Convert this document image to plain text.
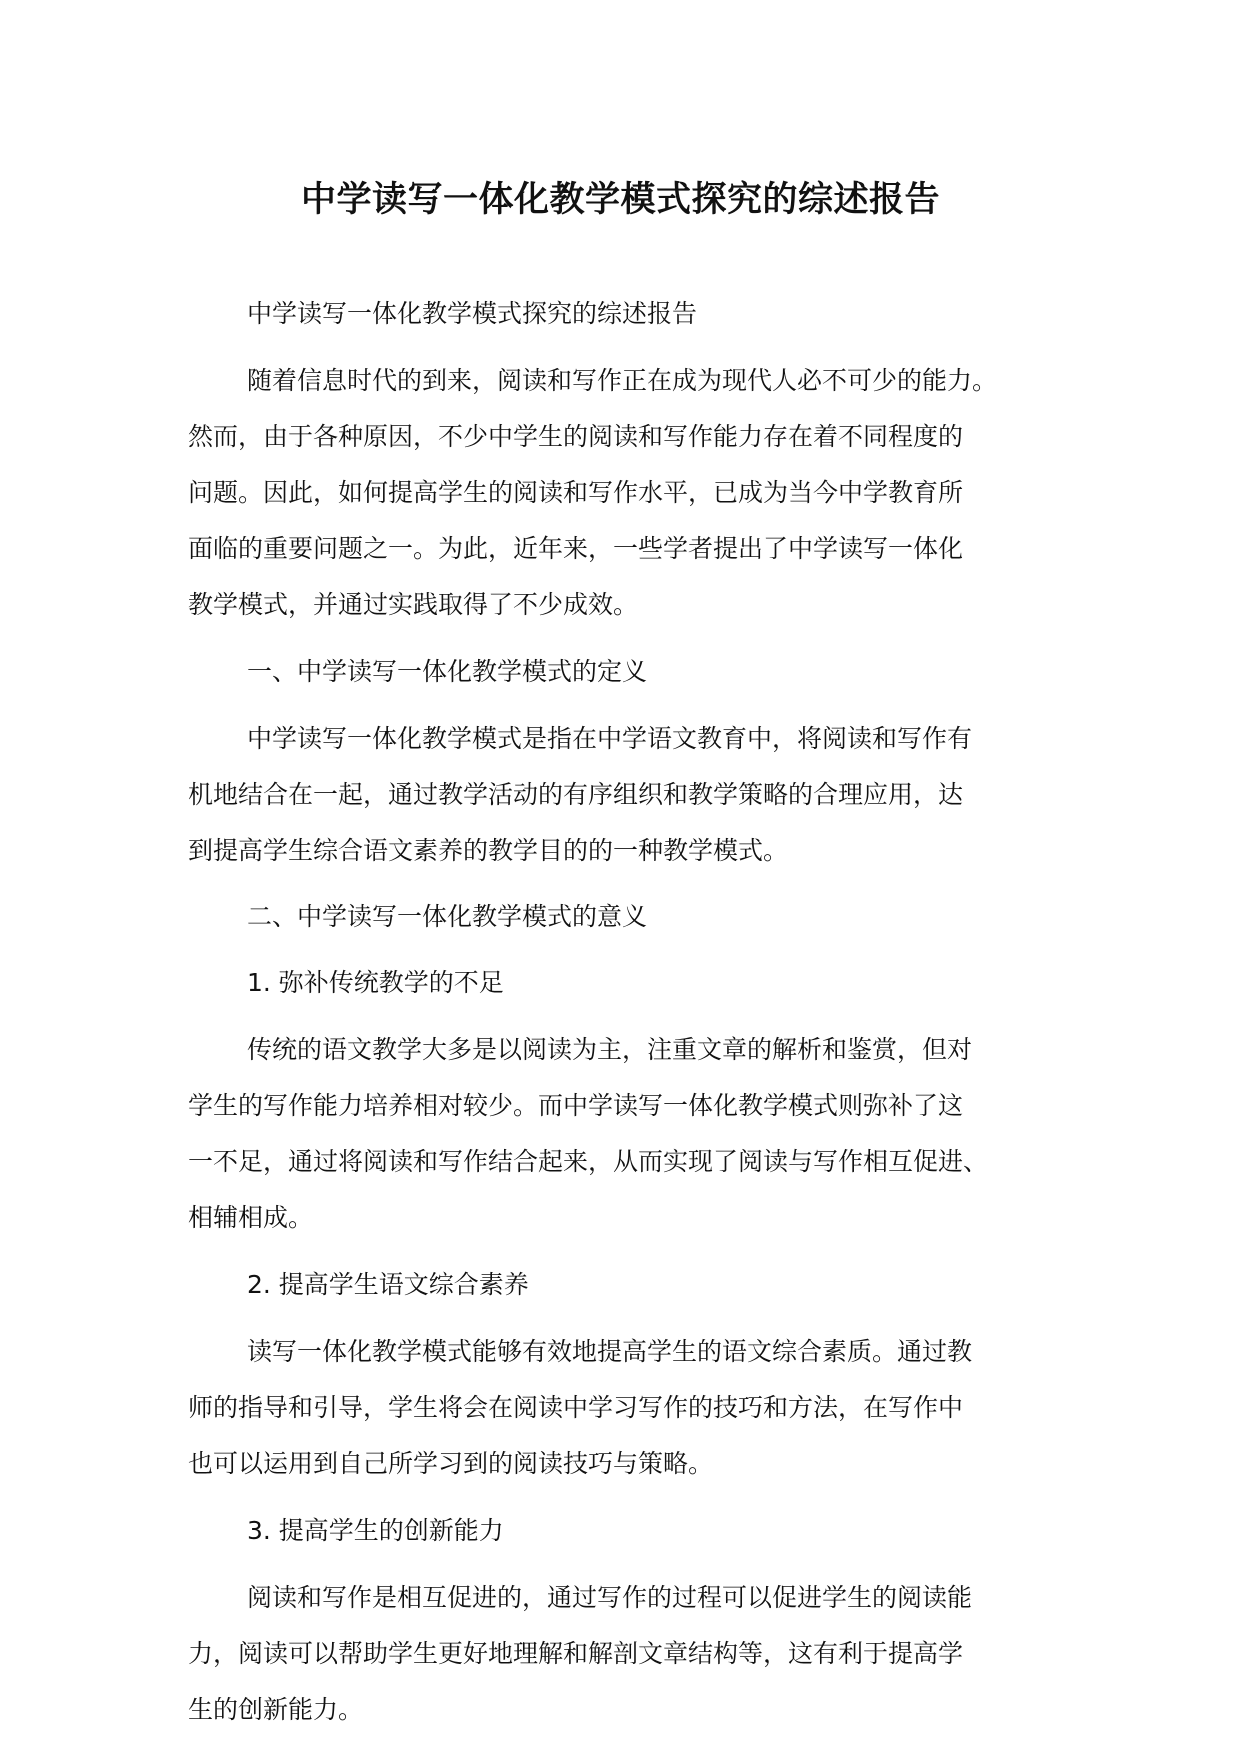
中学读写一体化教学模式探究的综述报告
中学读写一体化教学模式探究的综述报告
随着信息时代的到来，阅读和写作正在成为现代人必不可少的能力。
然而，由于各种原因，不少中学生的阅读和写作能力存在着不同程度的
问题。因此，如何提高学生的阅读和写作水平，已成为当今中学教育所
面临的重要问题之一。为此，近年来，一些学者提出了中学读写一体化
教学模式，并通过实践取得了不少成效。
一、中学读写一体化教学模式的定义
中学读写一体化教学模式是指在中学语文教育中，将阅读和写作有
机地结合在一起，通过教学活动的有序组织和教学策略的合理应用，达
到提高学生综合语文素养的教学目的的一种教学模式。
二、中学读写一体化教学模式的意义
1. 弥补传统教学的不足
传统的语文教学大多是以阅读为主，注重文章的解析和鉴赏，但对
学生的写作能力培养相对较少。而中学读写一体化教学模式则弥补了这
一不足，通过将阅读和写作结合起来，从而实现了阅读与写作相互促进、
相辅相成。
2. 提高学生语文综合素养
读写一体化教学模式能够有效地提高学生的语文综合素质。通过教
师的指导和引导，学生将会在阅读中学习写作的技巧和方法，在写作中
也可以运用到自己所学习到的阅读技巧与策略。
3. 提高学生的创新能力
阅读和写作是相互促进的，通过写作的过程可以促进学生的阅读能
力，阅读可以帮助学生更好地理解和解剖文章结构等，这有利于提高学
生的创新能力。
